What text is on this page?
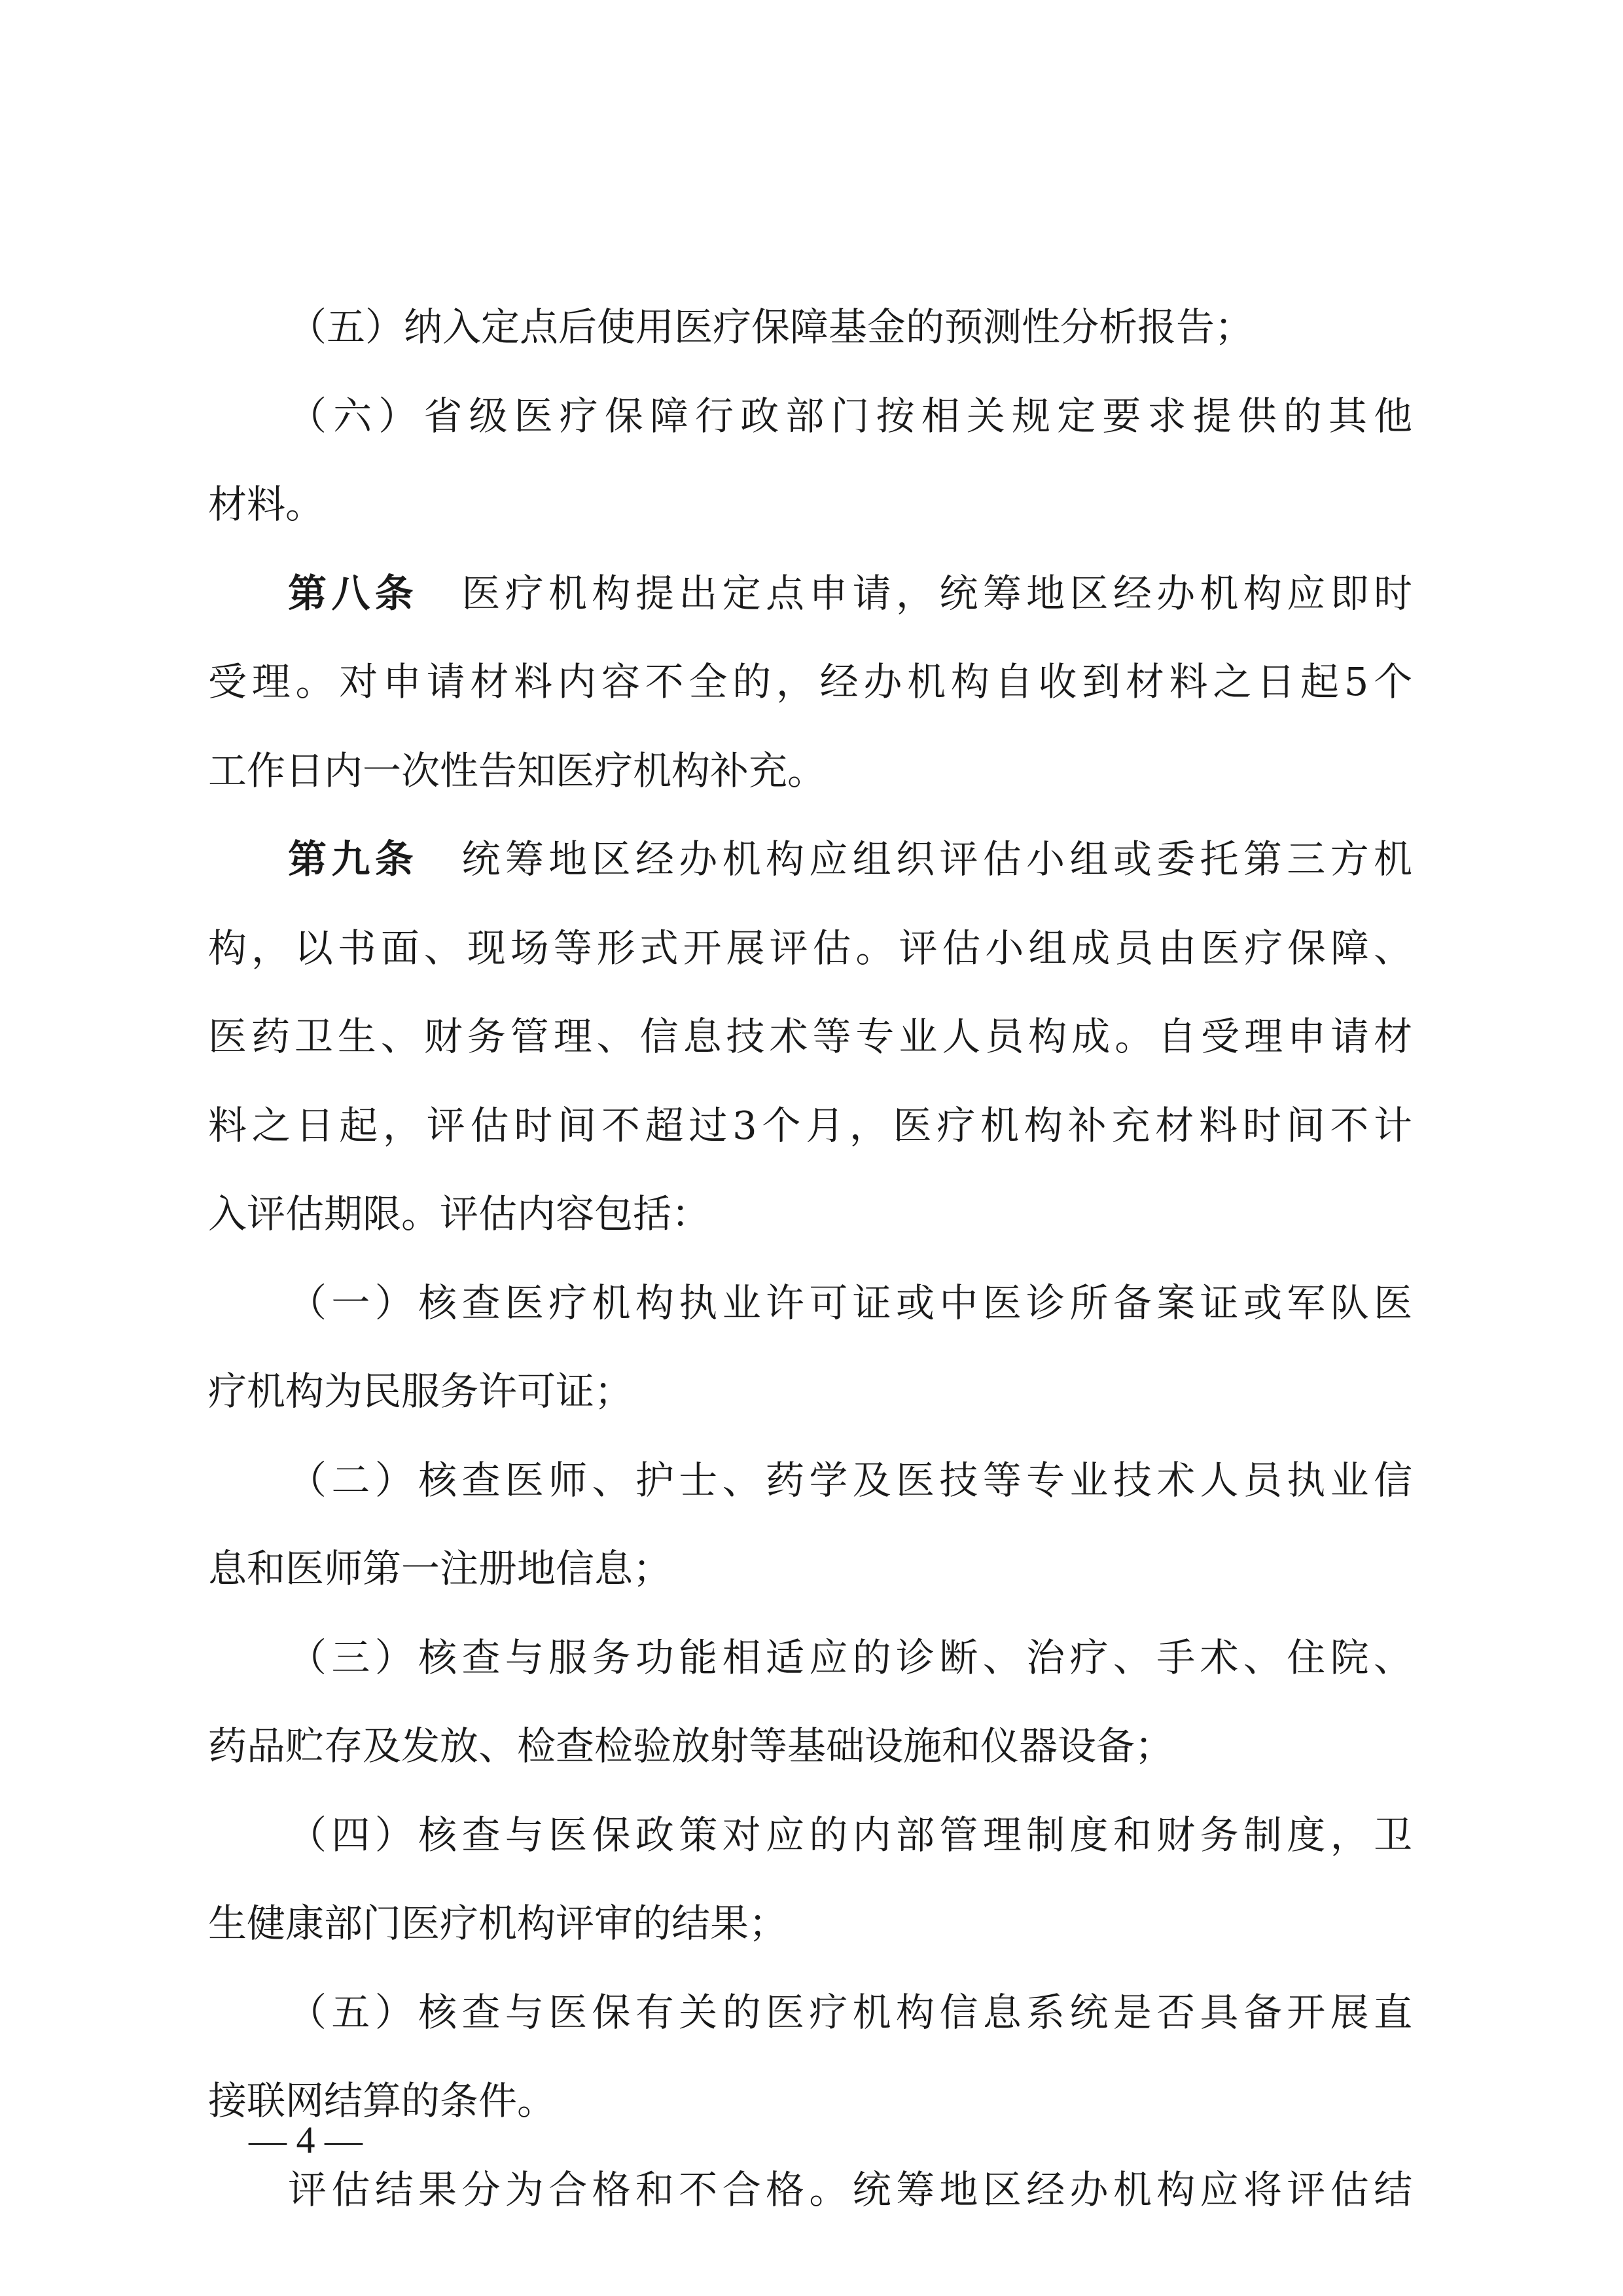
（五）纳入定点后使用医疗保障基金的预测性分析报告；
（六）省级医疗保障行政部门按相关规定要求提供的其他
材料。
第八条　医疗机构提出定点申请，统筹地区经办机构应即时
受理。对申请材料内容不全的，经办机构自收到材料之日起5个
工作日内一次性告知医疗机构补充。
第九条　统筹地区经办机构应组织评估小组或委托第三方机
构，以书面、现场等形式开展评估。评估小组成员由医疗保障、
医药卫生、财务管理、信息技术等专业人员构成。自受理申请材
料之日起，评估时间不超过3个月，医疗机构补充材料时间不计
入评估期限。评估内容包括：
（一）核查医疗机构执业许可证或中医诊所备案证或军队医
疗机构为民服务许可证；
（二）核查医师、护士、药学及医技等专业技术人员执业信
息和医师第一注册地信息；
（三）核查与服务功能相适应的诊断、治疗、手术、住院、
药品贮存及发放、检查检验放射等基础设施和仪器设备；
（四）核查与医保政策对应的内部管理制度和财务制度，卫
生健康部门医疗机构评审的结果；
（五）核查与医保有关的医疗机构信息系统是否具备开展直
接联网结算的条件。
评估结果分为合格和不合格。统筹地区经办机构应将评估结
— 4 —
